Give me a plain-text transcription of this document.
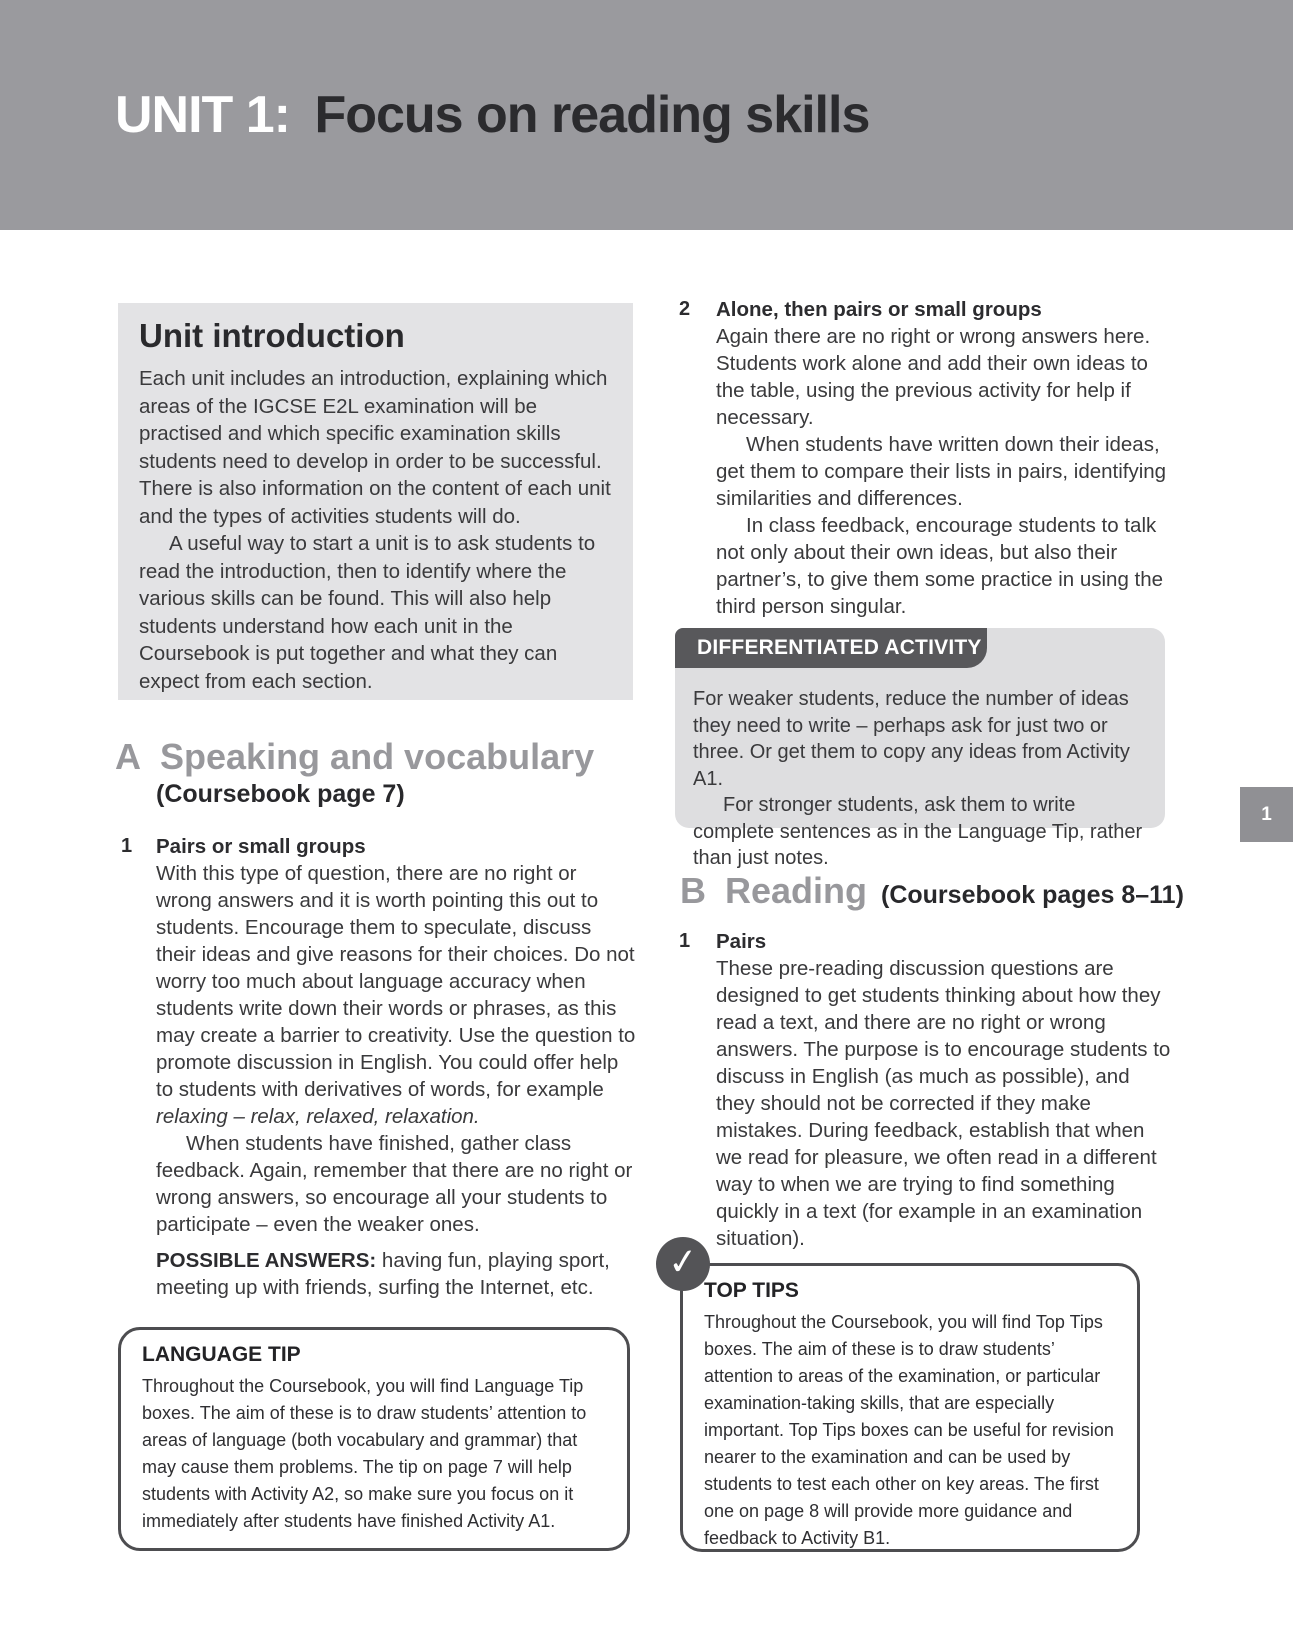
UNIT 1: Focus on reading skills
1
Unit introduction

Each unit includes an introduction, explaining which areas of the IGCSE E2L examination will be practised and which specific examination skills students need to develop in order to be successful. There is also information on the content of each unit and the types of activities students will do.

A useful way to start a unit is to ask students to read the introduction, then to identify where the various skills can be found. This will also help students understand how each unit in the Coursebook is put together and what they can expect from each section.

A Speaking and vocabulary
(Coursebook page 7)
1	Pairs or small groups

With this type of question, there are no right or wrong answers and it is worth pointing this out to students. Encourage them to speculate, discuss their ideas and give reasons for their choices. Do not worry too much about language accuracy when students write down their words or phrases, as this may create a barrier to creativity. Use the question to promote discussion in English. You could offer help to students with derivatives of words, for example relaxing – relax, relaxed, relaxation.

When students have finished, gather class feedback. Again, remember that there are no right or wrong answers, so encourage all your students to participate – even the weaker ones.

POSSIBLE ANSWERS: having fun, playing sport, meeting up with friends, surfing the Internet, etc.

LANGUAGE TIP

Throughout the Coursebook, you will find Language Tip boxes. The aim of these is to draw students’ attention to areas of language (both vocabulary and grammar) that may cause them problems. The tip on page 7 will help students with Activity A2, so make sure you focus on it immediately after students have finished Activity A1.

2	Alone, then pairs or small groups

Again there are no right or wrong answers here. Students work alone and add their own ideas to the table, using the previous activity for help if necessary.

When students have written down their ideas, get them to compare their lists in pairs, identifying similarities and differences.

In class feedback, encourage students to talk not only about their own ideas, but also their partner’s, to give them some practice in using the third person singular.

DIFFERENTIATED ACTIVITY

For weaker students, reduce the number of ideas they need to write – perhaps ask for just two or three. Or get them to copy any ideas from Activity A1.

For stronger students, ask them to write complete sentences as in the Language Tip, rather than just notes.

B Reading (Coursebook pages 8–11)
1	Pairs

These pre-reading discussion questions are designed to get students thinking about how they read a text, and there are no right or wrong answers. The purpose is to encourage students to discuss in English (as much as possible), and they should not be corrected if they make mistakes. During feedback, establish that when we read for pleasure, we often read in a different way to when we are trying to find something quickly in a text (for example in an examination situation).

✓
TOP TIPS

Throughout the Coursebook, you will find Top Tips boxes. The aim of these is to draw students’ attention to areas of the examination, or particular examination-taking skills, that are especially important. Top Tips boxes can be useful for revision nearer to the examination and can be used by students to test each other on key areas. The first one on page 8 will provide more guidance and feedback to Activity B1.
